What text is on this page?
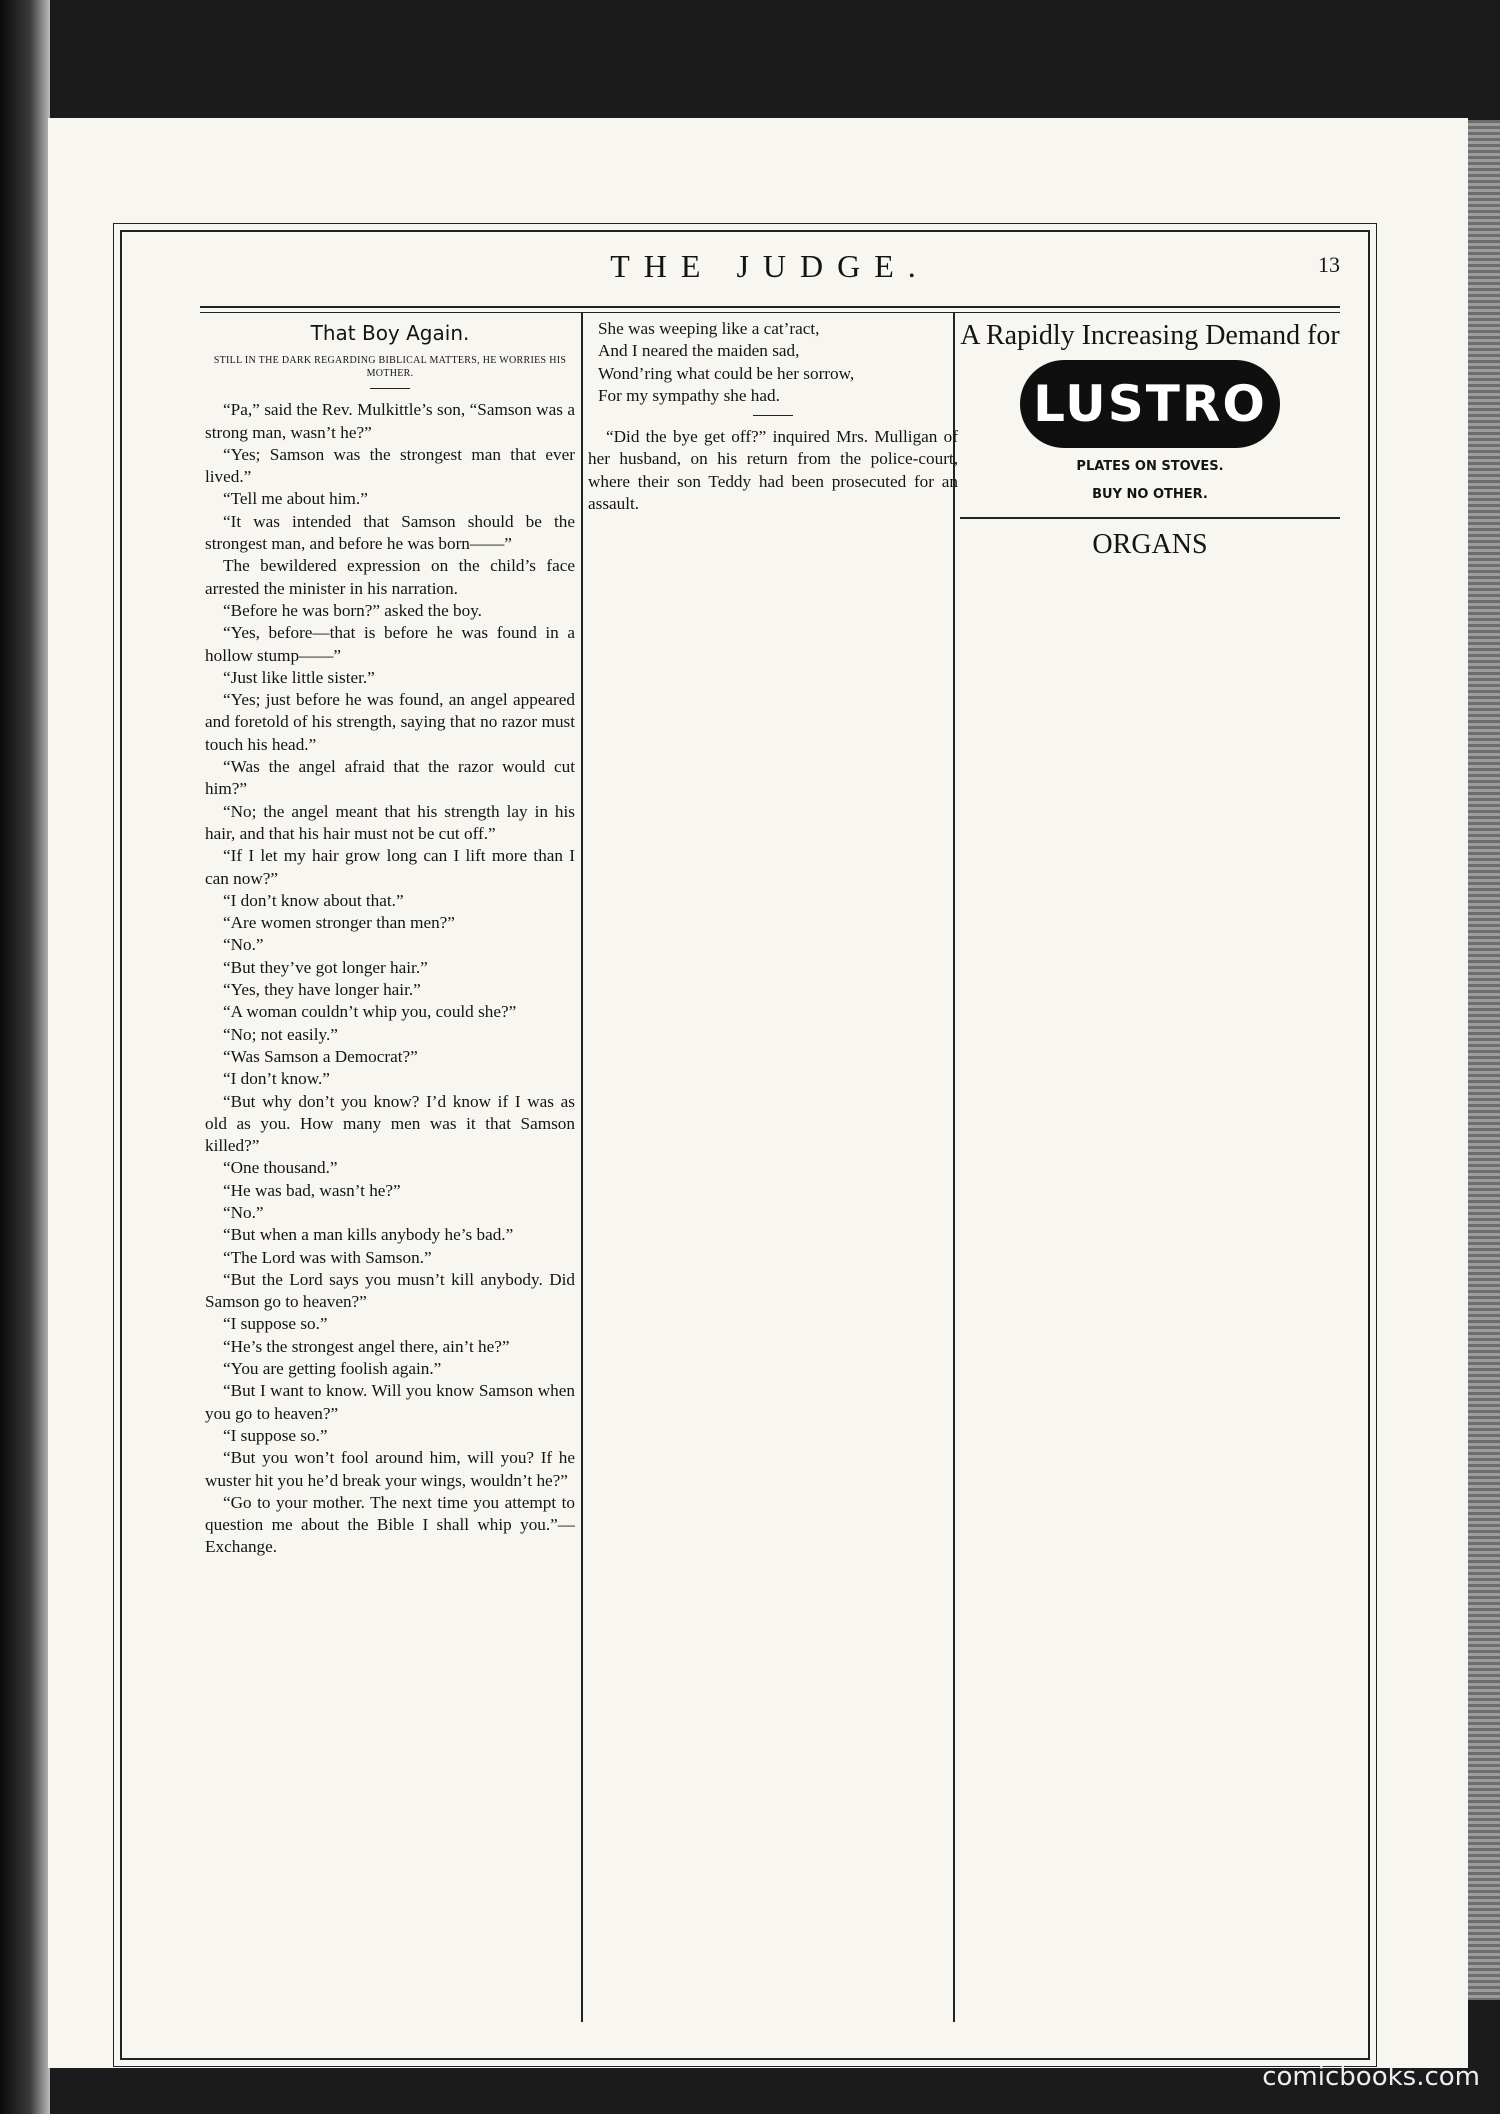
THE JUDGE.	13
That Boy Again.
STILL IN THE DARK REGARDING BIBLICAL MATTERS, HE WORRIES HIS MOTHER.

“Pa,” said the Rev. Mulkittle’s son, “Samson was a strong man, wasn’t he?”

“Yes; Samson was the strongest man that ever lived.”

“Tell me about him.”

“It was intended that Samson should be the strongest man, and before he was born——”

The bewildered expression on the child’s face arrested the minister in his narration.

“Before he was born?” asked the boy.

“Yes, before—that is before he was found in a hollow stump——”

“Just like little sister.”

“Yes; just before he was found, an angel appeared and foretold of his strength, saying that no razor must touch his head.”

“Was the angel afraid that the razor would cut him?”

“No; the angel meant that his strength lay in his hair, and that his hair must not be cut off.”

“If I let my hair grow long can I lift more than I can now?”

“I don’t know about that.”

“Are women stronger than men?”

“No.”

“But they’ve got longer hair.”

“Yes, they have longer hair.”

“A woman couldn’t whip you, could she?”

“No; not easily.”

“Was Samson a Democrat?”

“I don’t know.”

“But why don’t you know? I’d know if I was as old as you. How many men was it that Samson killed?”

“One thousand.”

“He was bad, wasn’t he?”

“No.”

“But when a man kills anybody he’s bad.”

“The Lord was with Samson.”

“But the Lord says you musn’t kill anybody. Did Samson go to heaven?”

“I suppose so.”

“He’s the strongest angel there, ain’t he?”

“You are getting foolish again.”

“But I want to know. Will you know Samson when you go to heaven?”

“I suppose so.”

“But you won’t fool around him, will you? If he wuster hit you he’d break your wings, wouldn’t he?”

“Go to your mother. The next time you attempt to question me about the Bible I shall whip you.”—Exchange.

She was weeping like a cat’ract,

And I neared the maiden sad,

Wond’ring what could be her sorrow,

For my sympathy she had.

“Did the bye get off?” inquired Mrs. Mulligan of her husband, on his return from the police-court, where their son Teddy had been prosecuted for an assault.

A Rapidly Increasing Demand for
LUSTRO
PLATES ON STOVES.
BUY NO OTHER.
ORGANS
comicbooks.com
